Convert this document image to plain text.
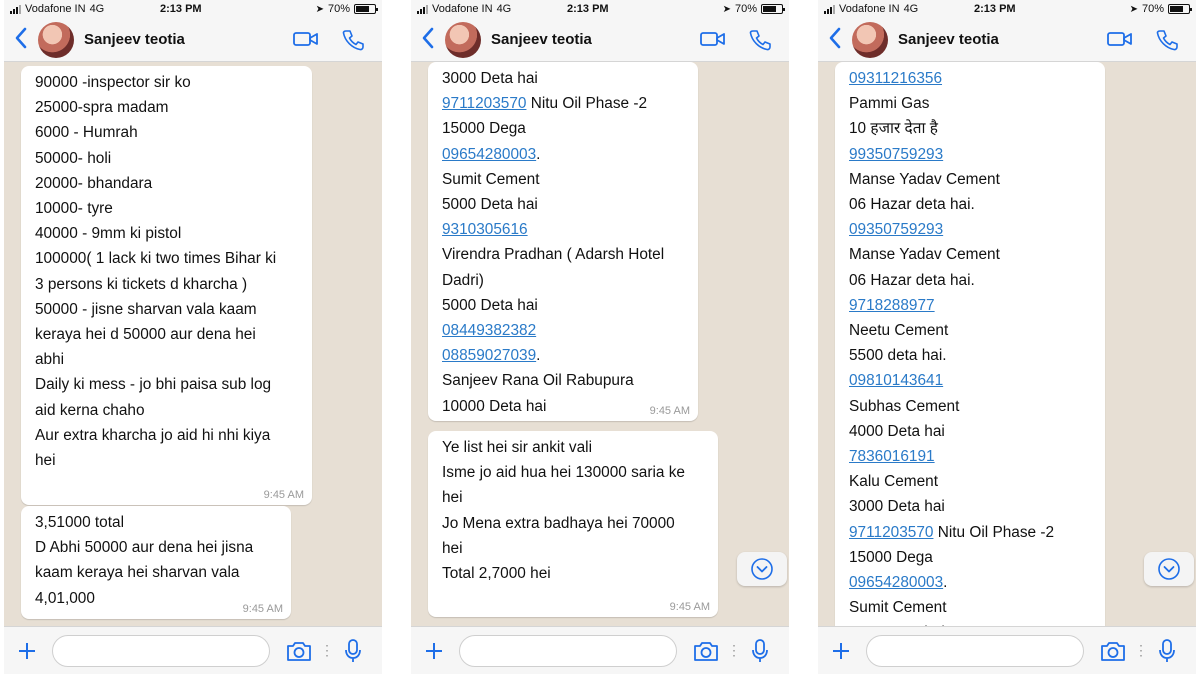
Vodafone IN 4G	2:13 PM	➤ 70%
Sanjeev teotia
90000 -inspector sir ko
25000-spra madam
6000 - Humrah
50000- holi
20000- bhandara
10000- tyre
40000 - 9mm ki pistol
100000( 1 lack ki two times Bihar ki
3 persons ki tickets d kharcha )
50000 - jisne sharvan vala kaam
keraya hei d 50000 aur dena hei
abhi
Daily ki mess - jo bhi paisa sub log
aid kerna chaho
Aur extra kharcha jo aid hi nhi kiya
hei
9:45 AM
3,51000 total
D Abhi 50000 aur dena hei jisna
kaam keraya hei sharvan vala
4,01,000
9:45 AM
⋮
Vodafone IN 4G	2:13 PM	➤ 70%
Sanjeev teotia
3000 Deta hai
9711203570 Nitu Oil Phase -2
15000 Dega
09654280003.
Sumit Cement
5000 Deta hai
9310305616
Virendra Pradhan ( Adarsh Hotel
Dadri)
5000 Deta hai
08449382382
08859027039.
Sanjeev Rana Oil Rabupura
10000 Deta hai	9:45 AM
Ye list hei sir ankit vali
Isme jo aid hua hei 130000 saria ke
hei
Jo Mena extra badhaya hei 70000
hei
Total 2,7000 hei
9:45 AM
⋮
Vodafone IN 4G	2:13 PM	➤ 70%
Sanjeev teotia
09311216356
Pammi Gas
10 हजार देता है
99350759293
Manse Yadav Cement
06 Hazar deta hai.
09350759293
Manse Yadav Cement
06 Hazar deta hai.
9718288977
Neetu Cement
5500 deta hai.
09810143641
Subhas Cement
4000 Deta hai
7836016191
Kalu Cement
3000 Deta hai
9711203570 Nitu Oil Phase -2
15000 Dega
09654280003.
Sumit Cement
⋮
